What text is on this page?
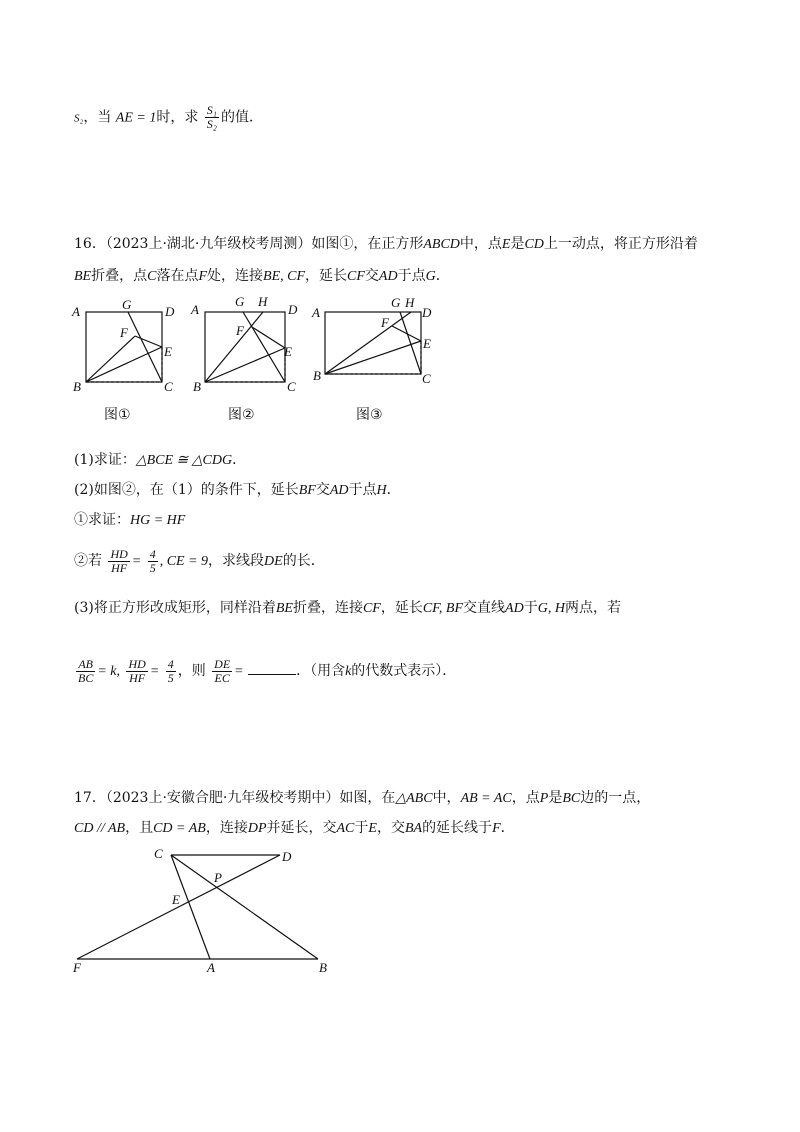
S₂，当 AE = 1时，求 $\frac{\text{S₁}}{\text{S₂}}$ 的值．
16．（2023上·湖北·九年级校考周测）如图①，在正方形ABCD中，点E是CD上一动点，将正方形沿着
BE折叠，点C落在点F处，连接BE, CF，延长CF交AD于点G．
A	G	D
F
E
B	C
A
G H
D
F
E
B	C
A
G H
D
F
E
B	C
图①	图②	图③
(1)求证：△BCE ≅ △CDG．
(2)如图②，在（1）的条件下，延长BF交AD于点H．
①求证：HG = HF
②若 $\frac{HD}{HF} = \frac{4}{5}$ , CE = 9，求线段DE的长．
(3)将正方形改成矩形，同样沿着BE折叠，连接CF，延长CF, BF交直线AD于G, H两点，若
$\frac{AB}{BC} = k$, $\frac{HD}{HF} = \frac{4}{5}$ ，则 $\frac{DE}{EC}$ =	．（用含k的代数式表示）．
17．（2023上·安徽合肥·九年级校考期中）如图，在△ABC中，AB = AC，点P是BC边的一点，
CD // AB，且CD = AB，连接DP并延长，交AC于E，交BA的延长线于F．
C	D
P
E
F	A	B
